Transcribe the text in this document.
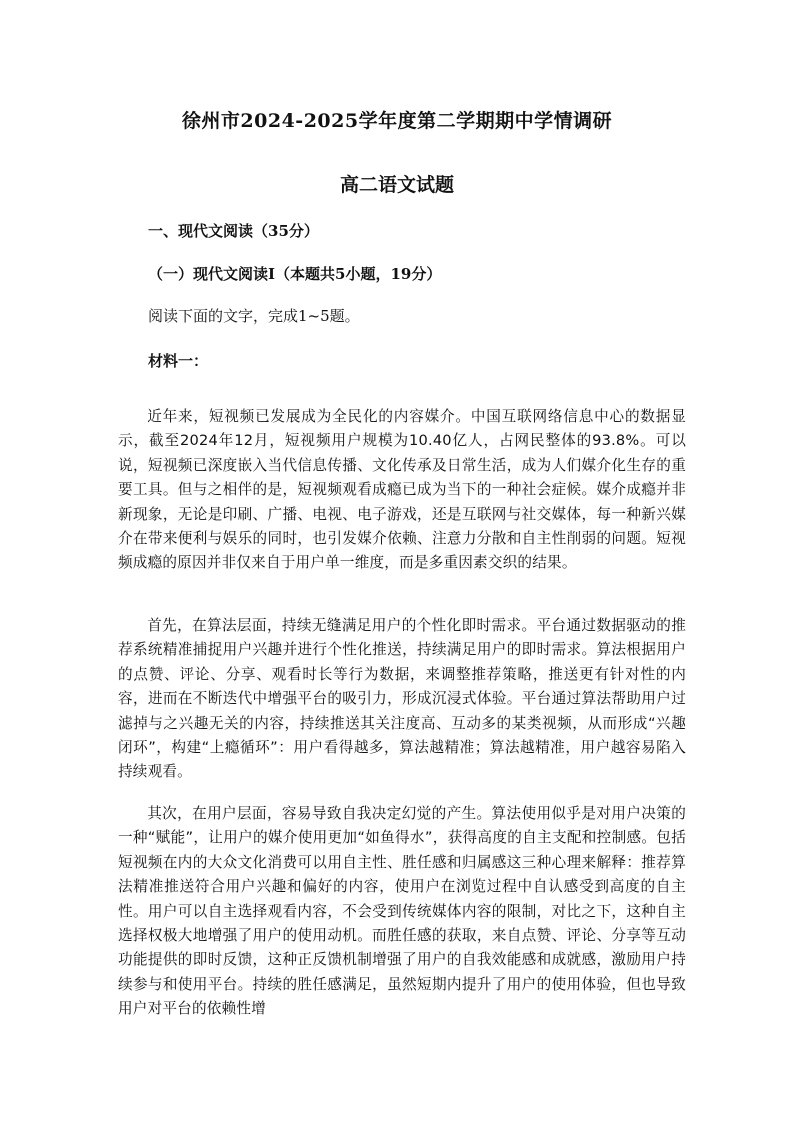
徐州市2024-2025学年度第二学期期中学情调研
高二语文试题
一、现代文阅读（35分）
（一）现代文阅读Ⅰ（本题共5小题，19分）
阅读下面的文字，完成1~5题。
材料一：

近年来，短视频已发展成为全民化的内容媒介。中国互联网络信息中心的数据显示，截至2024年12月，短视频用户规模为10.40亿人，占网民整体的93.8%。可以说，短视频已深度嵌入当代信息传播、文化传承及日常生活，成为人们媒介化生存的重要工具。但与之相伴的是，短视频观看成瘾已成为当下的一种社会症候。媒介成瘾并非新现象，无论是印刷、广播、电视、电子游戏，还是互联网与社交媒体，每一种新兴媒介在带来便利与娱乐的同时，也引发媒介依赖、注意力分散和自主性削弱的问题。短视频成瘾的原因并非仅来自于用户单一维度，而是多重因素交织的结果。

首先，在算法层面，持续无缝满足用户的个性化即时需求。平台通过数据驱动的推荐系统精准捕捉用户兴趣并进行个性化推送，持续满足用户的即时需求。算法根据用户的点赞、评论、分享、观看时长等行为数据，来调整推荐策略，推送更有针对性的内容，进而在不断迭代中增强平台的吸引力，形成沉浸式体验。平台通过算法帮助用户过滤掉与之兴趣无关的内容，持续推送其关注度高、互动多的某类视频，从而形成“兴趣闭环”，构建“上瘾循环”：用户看得越多，算法越精准；算法越精准，用户越容易陷入持续观看。

其次，在用户层面，容易导致自我决定幻觉的产生。算法使用似乎是对用户决策的一种“赋能”，让用户的媒介使用更加“如鱼得水”，获得高度的自主支配和控制感。包括短视频在内的大众文化消费可以用自主性、胜任感和归属感这三种心理来解释：推荐算法精准推送符合用户兴趣和偏好的内容，使用户在浏览过程中自认感受到高度的自主性。用户可以自主选择观看内容，不会受到传统媒体内容的限制，对比之下，这种自主选择权极大地增强了用户的使用动机。而胜任感的获取，来自点赞、评论、分享等互动功能提供的即时反馈，这种正反馈机制增强了用户的自我效能感和成就感，激励用户持续参与和使用平台。持续的胜任感满足，虽然短期内提升了用户的使用体验，但也导致用户对平台的依赖性增
